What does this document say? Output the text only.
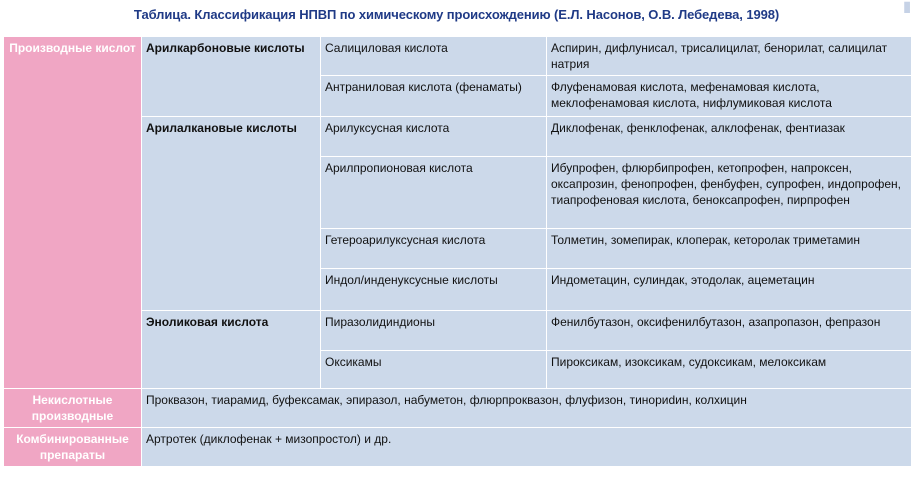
Таблица. Классификация НПВП по химическому происхождению (Е.Л. Насонов, О.В. Лебедева, 1998)
▮
Производные кислот	Арилкарбоновые кислоты	Салициловая кислота	Аспирин, дифлунисал, трисалицилат, бенорилат, салицилат натрия
		Антраниловая кислота (фенаматы)	Флуфенамовая кислота, мефенамовая кислота, меклофенамовая кислота, нифлумиковая кислота
	Арилалкановые кислоты	Арилуксусная кислота	Диклофенак, фенклофенак, алклофенак, фентиазак
		Арилпропионовая кислота	Ибупрофен, флюрбипрофен, кетопрофен, напроксен, оксапрозин, фенопрофен, фенбуфен, супрофен, индопрофен, тиапрофеновая кислота, беноксапрофен, пирпрофен
		Гетероарилуксусная кислота	Толметин, зомепирак, клоперак, кеторолак триметамин
		Индол/инденуксусные кислоты	Индометацин, сулиндак, этодолак, ацеметацин
	Эноликовая кислота	Пиразолидиндионы	Фенилбутазон, оксифенилбутазон, азапропазон, фепразон
		Оксикамы	Пироксикам, изоксикам, судоксикам, мелоксикам
Некислотные производные	Проквазон, тиарамид, буфексамак, эпиразол, набуметон, флюрпроквазон, флуфизон, тинориdин, колхицин		
Комбинированные препараты	Артротек (диклофенак + мизопростол) и др.		
